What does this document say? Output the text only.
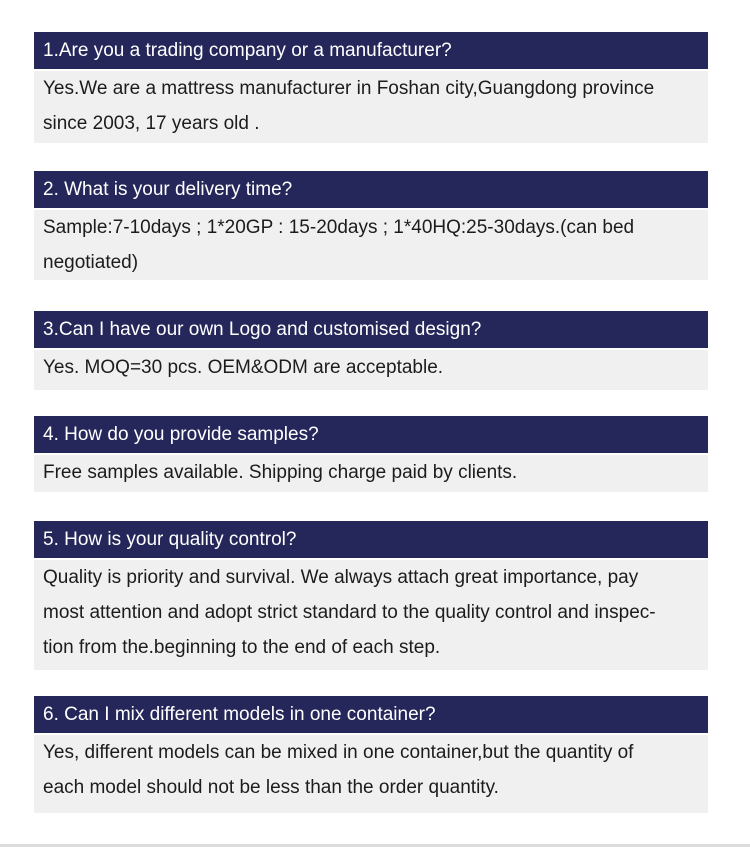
1.Are you a trading company or a manufacturer?
Yes.We are a mattress manufacturer in Foshan city,Guangdong province
since 2003, 17 years old .
2. What is your delivery time?
Sample:7-10days ; 1*20GP : 15-20days ; 1*40HQ:25-30days.(can bed
negotiated)
3.Can I have our own Logo and customised design?
Yes. MOQ=30 pcs. OEM&ODM are acceptable.
4. How do you provide samples?
Free samples available. Shipping charge paid by clients.
5. How is your quality control?
Quality is priority and survival. We always attach great importance, pay
most attention and adopt strict standard to the quality control and inspec-
tion from the.beginning to the end of each step.
6. Can I mix different models in one container?
Yes, different models can be mixed in one container,but the quantity of
each model should not be less than the order quantity.
